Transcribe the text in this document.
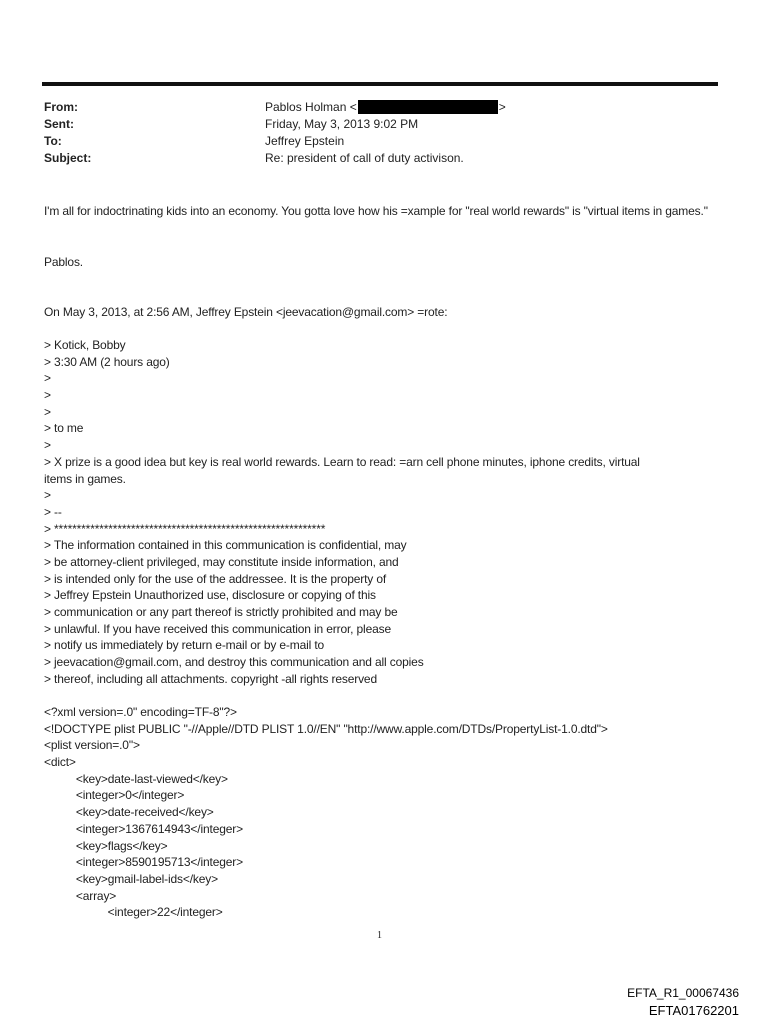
From:	Pablos Holman <	>
Sent:	Friday, May 3, 2013 9:02 PM
To:	Jeffrey Epstein
Subject:	Re: president of call of duty activison.
I'm all for indoctrinating kids into an economy. You gotta love how his =xample for "real world rewards" is "virtual items in games."
Pablos.
On May 3, 2013, at 2:56 AM, Jeffrey Epstein <jeevacation@gmail.com> =rote:
> Kotick, Bobby
> 3:30 AM (2 hours ago)
>
>
>
> to me
>
> X prize is a good idea but key is real world rewards. Learn to read: =arn cell phone minutes, iphone credits, virtual
items in games.
>
> --
> ************************************************************
> The information contained in this communication is confidential, may
> be attorney-client privileged, may constitute inside information, and
> is intended only for the use of the addressee. It is the property of
> Jeffrey Epstein Unauthorized use, disclosure or copying of this
> communication or any part thereof is strictly prohibited and may be
> unlawful. If you have received this communication in error, please
> notify us immediately by return e-mail or by e-mail to
> jeevacation@gmail.com, and destroy this communication and all copies
> thereof, including all attachments. copyright -all rights reserved
<?xml version=.0" encoding=TF-8"?>
<!DOCTYPE plist PUBLIC "-//Apple//DTD PLIST 1.0//EN" "http://www.apple.com/DTDs/PropertyList-1.0.dtd">
<plist version=.0">
<dict>
<key>date-last-viewed</key>
<integer>0</integer>
<key>date-received</key>
<integer>1367614943</integer>
<key>flags</key>
<integer>8590195713</integer>
<key>gmail-label-ids</key>
<array>
<integer>22</integer>
1
EFTA_R1_00067436
EFTA01762201
